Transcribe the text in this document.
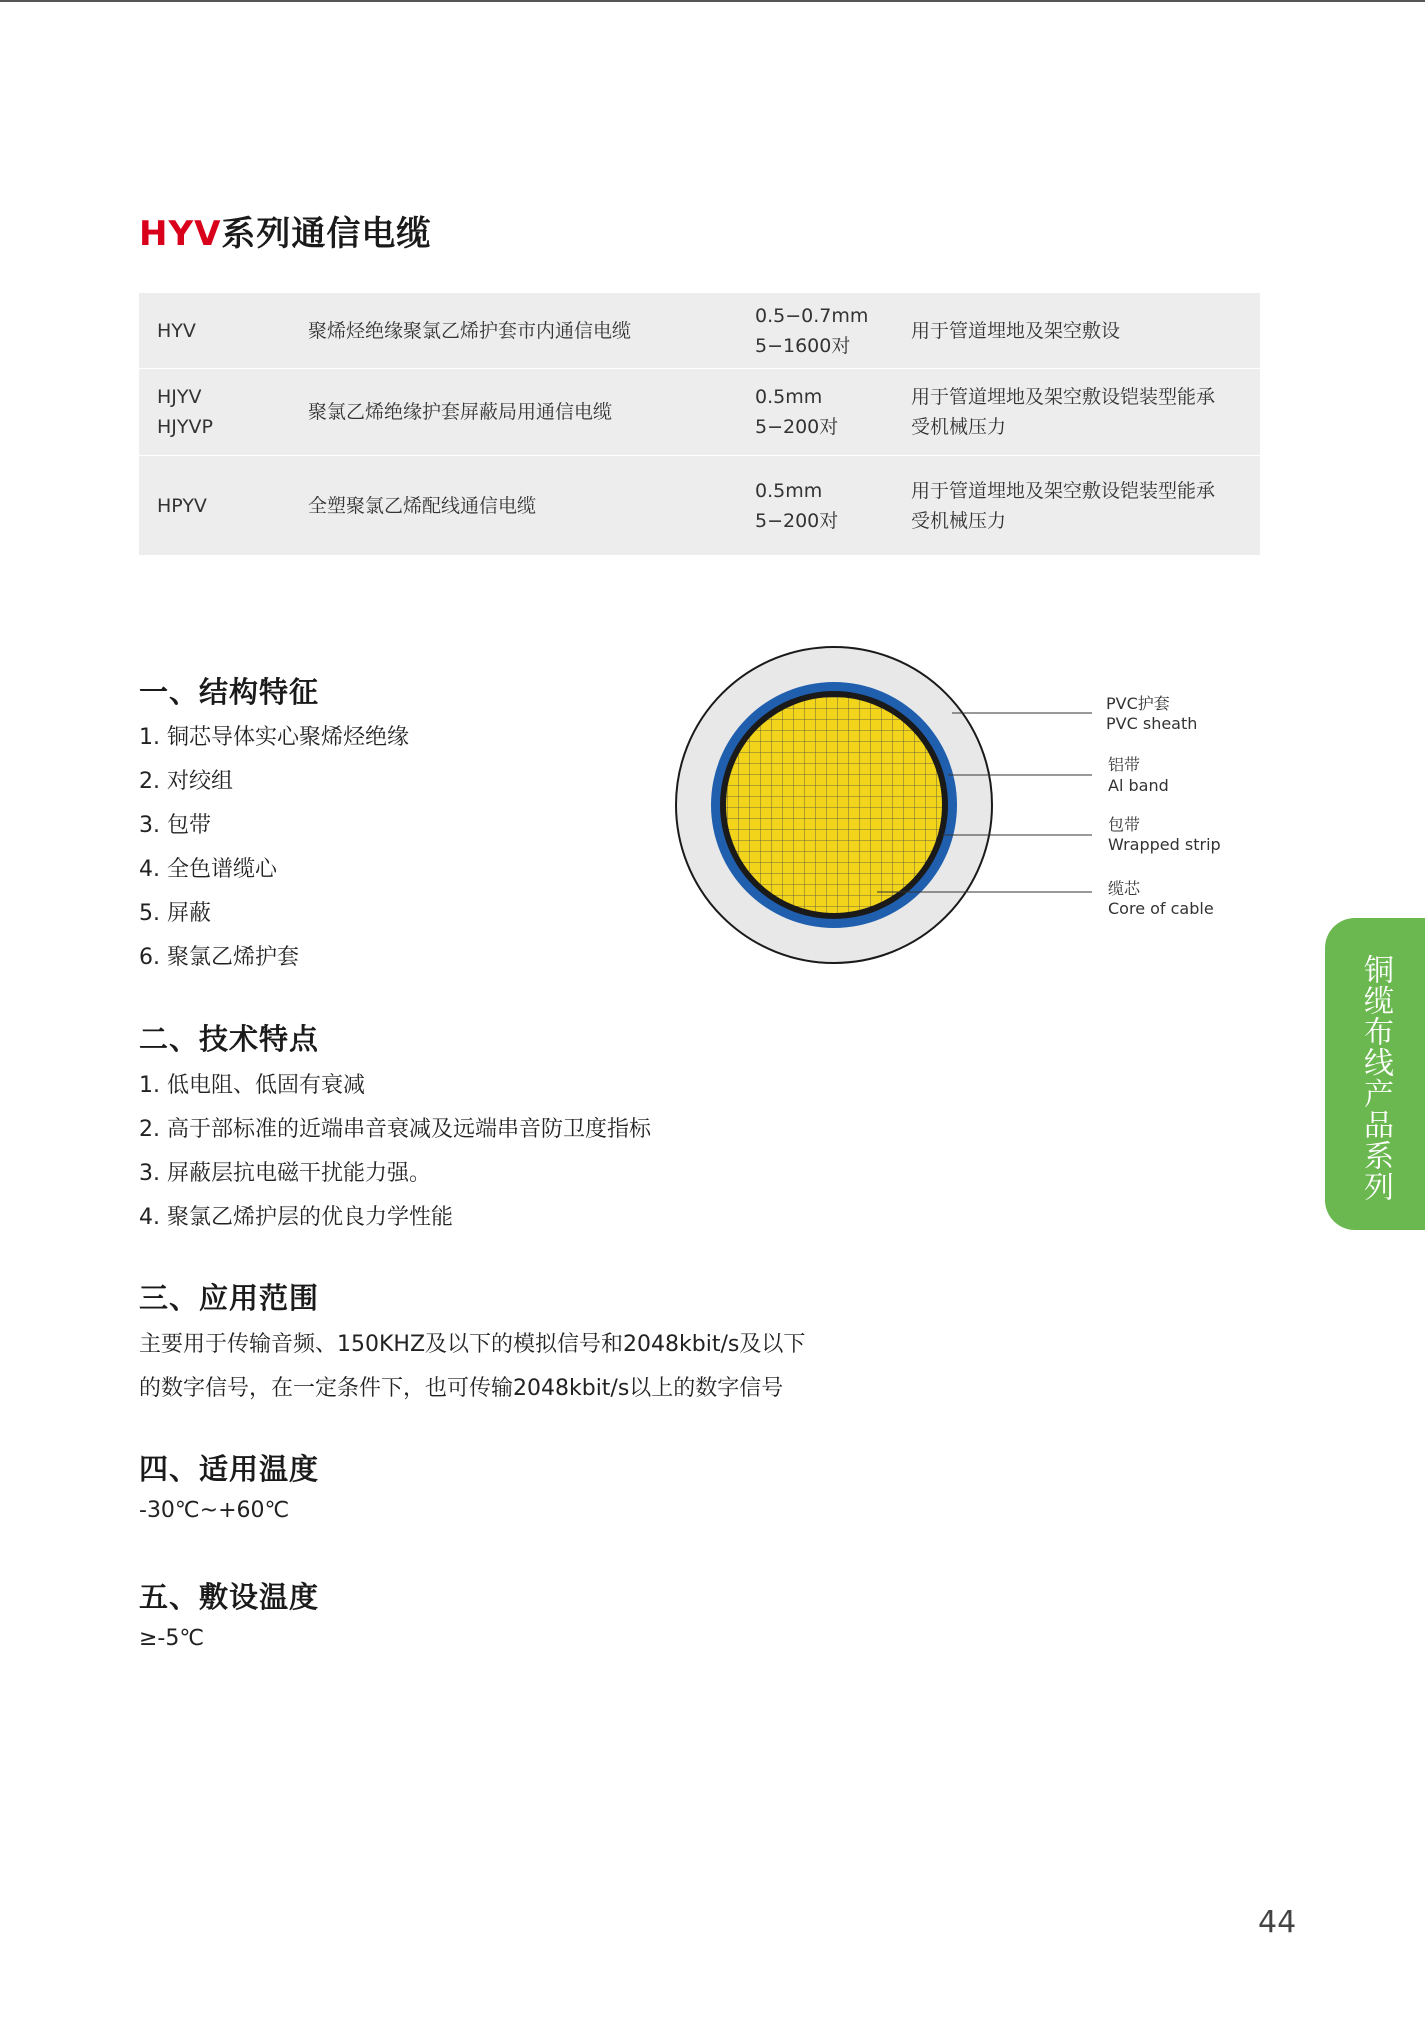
HYV系列通信电缆
HYV	聚烯烃绝缘聚氯乙烯护套市内通信电缆
0.5−0.7mm
5−1600对
用于管道埋地及架空敷设
HJYV
HJYVP
聚氯乙烯绝缘护套屏蔽局用通信电缆
0.5mm
5−200对
用于管道埋地及架空敷设铠装型能承
受机械压力
HPYV	全塑聚氯乙烯配线通信电缆
0.5mm
5−200对
用于管道埋地及架空敷设铠装型能承
受机械压力
一、结构特征
1. 铜芯导体实心聚烯烃绝缘
2. 对绞组
3. 包带
4. 全色谱缆心
5. 屏蔽
6. 聚氯乙烯护套
二、技术特点
1. 低电阻、低固有衰减
2. 高于部标准的近端串音衰减及远端串音防卫度指标
3. 屏蔽层抗电磁干扰能力强。
4. 聚氯乙烯护层的优良力学性能
三、应用范围
主要用于传输音频、150KHZ及以下的模拟信号和2048kbit/s及以下
的数字信号，在一定条件下，也可传输2048kbit/s以上的数字信号
四、适用温度
-30℃~+60℃
五、敷设温度
≥-5℃
PVC护套
PVC sheath
铝带
Al band
包带
Wrapped strip
缆芯
Core of cable
铜缆布线产品系列
44
